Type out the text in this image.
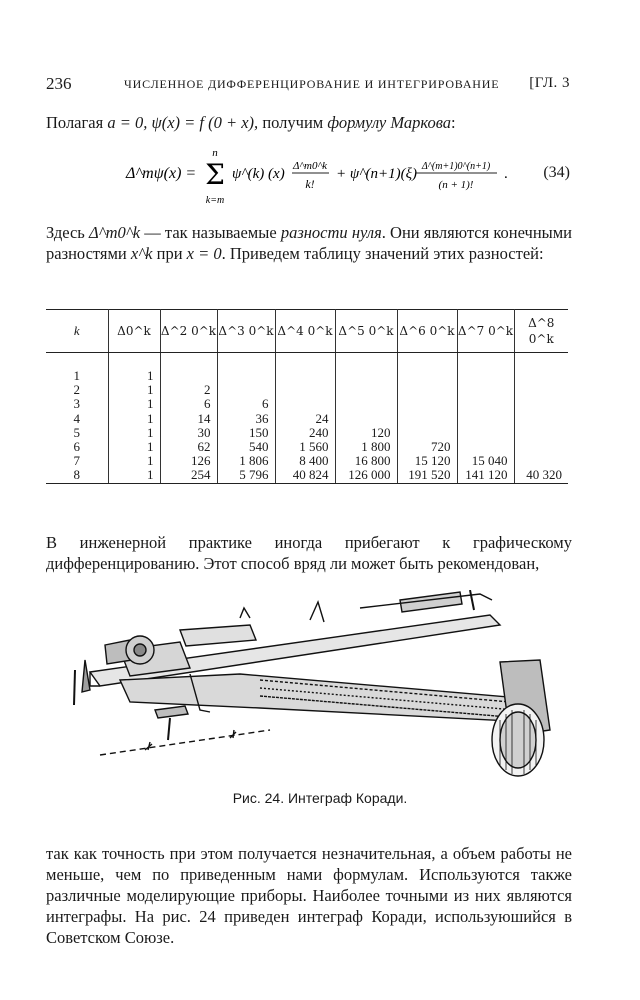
236	ЧИСЛЕННОЕ ДИФФЕРЕНЦИРОВАНИЕ И ИНТЕГРИРОВАНИЕ [ГЛ. 3
Полагая a = 0, ψ(x) = f (0 + x), получим формулу Маркова:
Δ^mψ(x) =
n
Σ
k=m
ψ^(k) (x) Δ^m0^k
k!
+ ψ^(n+1)(ξ) Δ^(m+1)0^(n+1)
(n + 1)!
. (34)
Здесь Δ^m0^k — так называемые разности нуля. Они являются конечными разностями x^k при x = 0. Приведем таблицу значений этих разностей:
k	Δ0^k	Δ^2 0^k	Δ^3 0^k	Δ^4 0^k	Δ^5 0^k	Δ^6 0^k	Δ^7 0^k	Δ^8 0^k

1	1							
2	1	2						
3	1	6	6					
4	1	14	36	24				
5	1	30	150	240	120			
6	1	62	540	1 560	1 800	720		
7	1	126	1 806	8 400	16 800	15 120	15 040	
8	1	254	5 796	40 824	126 000	191 520	141 120	40 320
В инженерной практике иногда прибегают к графическому дифференцированию. Этот способ вряд ли может быть рекомендован,
Рис. 24. Интеграф Коради.
так как точность при этом получается незначительная, а объем работы не меньше, чем по приведенным нами формулам. Используются также различные моделирующие приборы. Наиболее точными из них являются интеграфы. На рис. 24 приведен интеграф Коради, используюшийся в Советском Союзе.
